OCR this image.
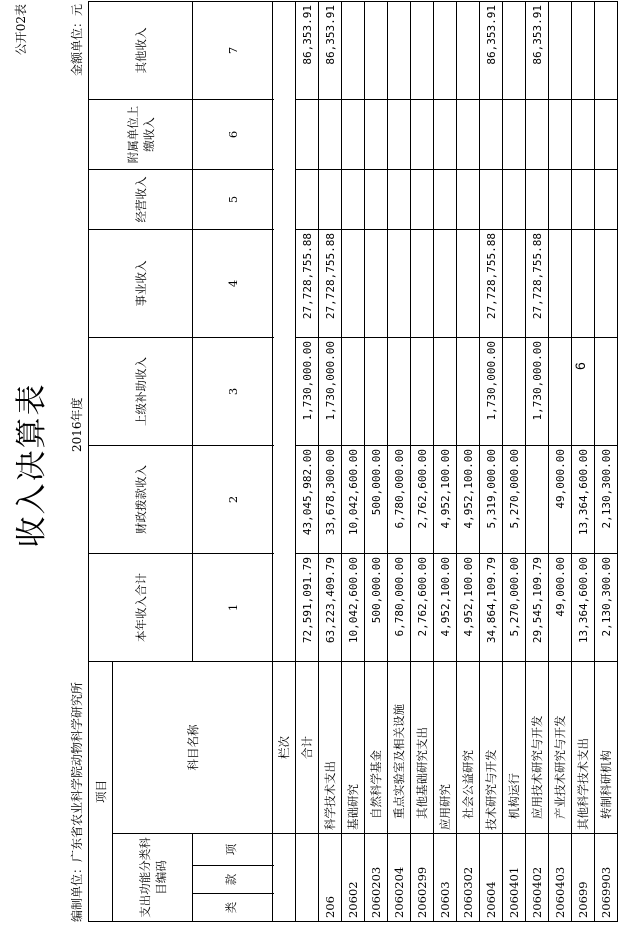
收入决算表
公开02表	金额单位：元
编制单位：广东省农业科学院动物科学研究所
2016年度
项目				本年收入合计	财政拨款收入	上级补助收入	事业收入	经营收入	附属单位上缴收入	其他收入
支出功能分类科目编码			科目名称							
类	款	项		1	2	3	4	5	6	7

			栏次							
			合计	72,591,091.79	43,045,982.00	1,730,000.00	27,728,755.88			86,353.91
206			科学技术支出	63,223,409.79	33,678,300.00	1,730,000.00	27,728,755.88			86,353.91
20602			基础研究	10,042,600.00	10,042,600.00					
2060203			自然科学基金	500,000.00	500,000.00					
2060204			重点实验室及相关设施	6,780,000.00	6,780,000.00					
2060299			其他基础研究支出	2,762,600.00	2,762,600.00					
20603			应用研究	4,952,100.00	4,952,100.00					
2060302			社会公益研究	4,952,100.00	4,952,100.00					
20604			技术研究与开发	34,864,109.79	5,319,000.00	1,730,000.00	27,728,755.88			86,353.91
2060401			机构运行	5,270,000.00	5,270,000.00					
2060402			应用技术研究与开发	29,545,109.79		1,730,000.00	27,728,755.88			86,353.91
2060403			产业技术研究与开发	49,000.00	49,000.00					
20699			其他科学技术支出	13,364,600.00	13,364,600.00					
2069903			转制科研机构	2,130,300.00	2,130,300.00					
6
